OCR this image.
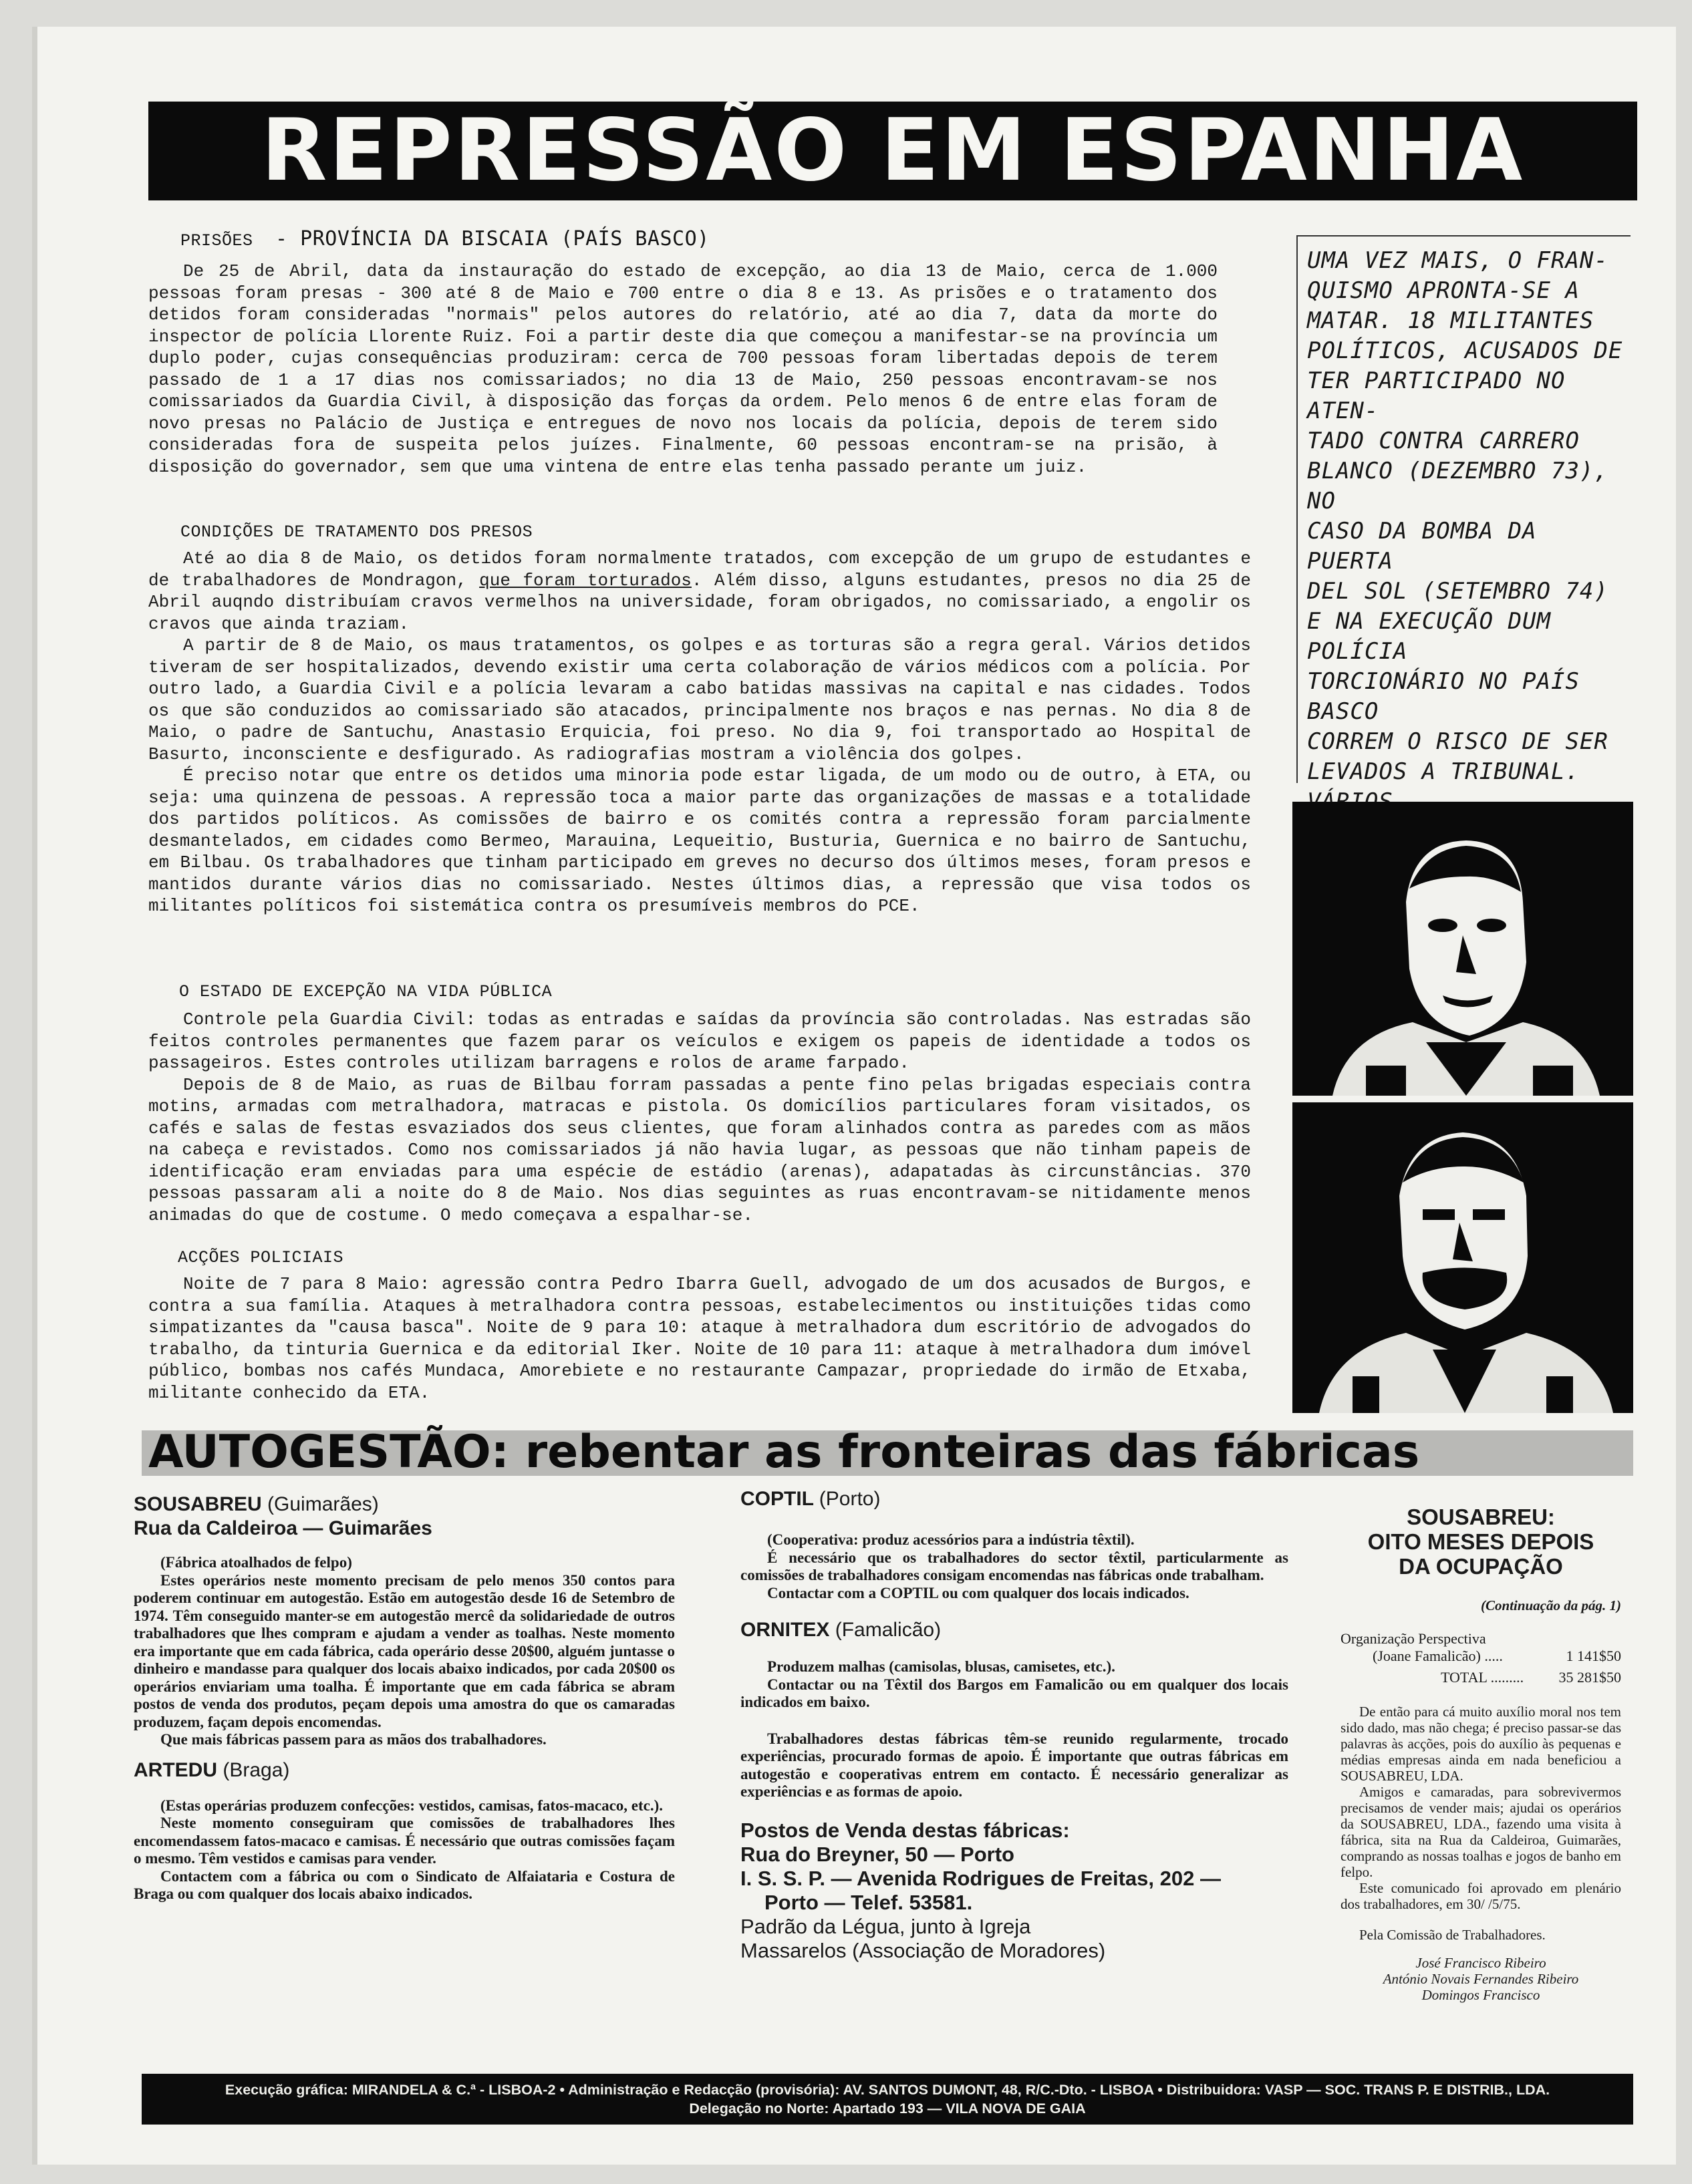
REPRESSÃO EM ESPANHA
PRISÕES - PROVÍNCIA DA BISCAIA (PAÍS BASCO)

De 25 de Abril, data da instauração do estado de excepção, ao dia 13 de Maio, cerca de 1.000 pessoas foram presas - 300 até 8 de Maio e 700 entre o dia 8 e 13. As prisões e o tratamento dos detidos foram consideradas "normais" pelos autores do relatório, até ao dia 7, data da morte do inspector de polícia Llorente Ruiz. Foi a partir deste dia que começou a manifestar-se na província um duplo poder, cujas consequências produziram: cerca de 700 pessoas foram libertadas depois de terem passado de 1 a 17 dias nos comissariados; no dia 13 de Maio, 250 pessoas encontravam-se nos comissariados da Guardia Civil, à disposição das forças da ordem. Pelo menos 6 de entre elas foram de novo presas no Palácio de Justiça e entregues de novo nos locais da polícia, depois de terem sido consideradas fora de suspeita pelos juízes. Finalmente, 60 pessoas encontram-se na prisão, à disposição do governador, sem que uma vintena de entre elas tenha passado perante um juiz.

CONDIÇÕES DE TRATAMENTO DOS PRESOS

Até ao dia 8 de Maio, os detidos foram normalmente tratados, com excepção de um grupo de estudantes e de trabalhadores de Mondragon, que foram torturados. Além disso, alguns estudantes, presos no dia 25 de Abril auqndo distribuíam cravos vermelhos na universidade, foram obrigados, no comissariado, a engolir os cravos que ainda traziam.

A partir de 8 de Maio, os maus tratamentos, os golpes e as torturas são a regra geral. Vários detidos tiveram de ser hospitalizados, devendo existir uma certa colaboração de vários médicos com a polícia. Por outro lado, a Guardia Civil e a polícia levaram a cabo batidas massivas na capital e nas cidades. Todos os que são conduzidos ao comissariado são atacados, principalmente nos braços e nas pernas. No dia 8 de Maio, o padre de Santuchu, Anastasio Erquicia, foi preso. No dia 9, foi transportado ao Hospital de Basurto, inconsciente e desfigurado. As radiografias mostram a violência dos golpes.

É preciso notar que entre os detidos uma minoria pode estar ligada, de um modo ou de outro, à ETA, ou seja: uma quinzena de pessoas. A repressão toca a maior parte das organizações de massas e a totalidade dos partidos políticos. As comissões de bairro e os comités contra a repressão foram parcialmente desmantelados, em cidades como Bermeo, Marauina, Lequeitio, Busturia, Guernica e no bairro de Santuchu, em Bilbau. Os trabalhadores que tinham participado em greves no decurso dos últimos meses, foram presos e mantidos durante vários dias no comissariado. Nestes últimos dias, a repressão que visa todos os militantes políticos foi sistemática contra os presumíveis membros do PCE.

O ESTADO DE EXCEPÇÃO NA VIDA PÚBLICA

Controle pela Guardia Civil: todas as entradas e saídas da província são controladas. Nas estradas são feitos controles permanentes que fazem parar os veículos e exigem os papeis de identidade a todos os passageiros. Estes controles utilizam barragens e rolos de arame farpado.

Depois de 8 de Maio, as ruas de Bilbau forram passadas a pente fino pelas brigadas especiais contra motins, armadas com metralhadora, matracas e pistola. Os domicílios particulares foram visitados, os cafés e salas de festas esvaziados dos seus clientes, que foram alinhados contra as paredes com as mãos na cabeça e revistados. Como nos comissariados já não havia lugar, as pessoas que não tinham papeis de identificação eram enviadas para uma espécie de estádio (arenas), adapatadas às circunstâncias. 370 pessoas passaram ali a noite do 8 de Maio. Nos dias seguintes as ruas encontravam-se nitidamente menos animadas do que de costume. O medo começava a espalhar-se.

ACÇÕES POLICIAIS

Noite de 7 para 8 Maio: agressão contra Pedro Ibarra Guell, advogado de um dos acusados de Burgos, e contra a sua família. Ataques à metralhadora contra pessoas, estabelecimentos ou instituições tidas como simpatizantes da "causa basca". Noite de 9 para 10: ataque à metralhadora dum escritório de advogados do trabalho, da tinturia Guernica e da editorial Iker. Noite de 10 para 11: ataque à metralhadora dum imóvel público, bombas nos cafés Mundaca, Amorebiete e no restaurante Campazar, propriedade do irmão de Etxaba, militante conhecido da ETA.

UMA VEZ MAIS, O FRAN-
QUISMO APRONTA-SE A
MATAR. 18 MILITANTES
POLÍTICOS, ACUSADOS DE
TER PARTICIPADO NO ATEN-
TADO CONTRA CARRERO
BLANCO (DEZEMBRO 73), NO
CASO DA BOMBA DA PUERTA
DEL SOL (SETEMBRO 74)
E NA EXECUÇÃO DUM POLÍCIA
TORCIONÁRIO NO PAÍS BASCO
CORREM O RISCO DE SER
LEVADOS A TRIBUNAL.
AUTOGESTÃO: rebentar as fronteiras das fábricas
SOUSABREU (Guimarães)
Rua da Caldeiroa — Guimarães

(Fábrica atoalhados de felpo)

Estes operários neste momento precisam de pelo menos 350 contos para poderem continuar em autogestão. Estão em autogestão desde 16 de Setembro de 1974. Têm conseguido manter-se em autogestão mercê da solidariedade de outros trabalhadores que lhes compram e ajudam a vender as toalhas. Neste momento era importante que em cada fábrica, cada operário desse 20$00, alguém juntasse o dinheiro e mandasse para qualquer dos locais abaixo indicados, por cada 20$00 os operários enviariam uma toalha. É importante que em cada fábrica se abram postos de venda dos produtos, peçam depois uma amostra do que os camaradas produzem, façam depois encomendas.

Que mais fábricas passem para as mãos dos trabalhadores.

ARTEDU (Braga)

(Estas operárias produzem confecções: vestidos, camisas, fatos-macaco, etc.).

Neste momento conseguiram que comissões de trabalhadores lhes encomendassem fatos-macaco e camisas. É necessário que outras comissões façam o mesmo. Têm vestidos e camisas para vender.

Contactem com a fábrica ou com o Sindicato de Alfaiataria e Costura de Braga ou com qualquer dos locais abaixo indicados.

COPTIL (Porto)

(Cooperativa: produz acessórios para a indústria têxtil).

É necessário que os trabalhadores do sector têxtil, particularmente as comissões de trabalhadores consigam encomendas nas fábricas onde trabalham.

Contactar com a COPTIL ou com qualquer dos locais indicados.

ORNITEX (Famalicão)

Produzem malhas (camisolas, blusas, camisetes, etc.).

Contactar ou na Têxtil dos Bargos em Famalicão ou em qualquer dos locais indicados em baixo.

Trabalhadores destas fábricas têm-se reunido regularmente, trocado experiências, procurado formas de apoio. É importante que outras fábricas em autogestão e cooperativas entrem em contacto. É necessário generalizar as experiências e as formas de apoio.

Postos de Venda destas fábricas:
Rua do Breyner, 50 — Porto
I. S. S. P. — Avenida Rodrigues de Freitas, 202 —
Porto — Telef. 53581.
Padrão da Légua, junto à Igreja
Massarelos (Associação de Moradores)
SOUSABREU:
OITO MESES DEPOIS
DA OCUPAÇÃO
(Continuação da pág. 1)
Organização Perspectiva
(Joane Famalicão) .....	1 141$50
TOTAL ......... 35 281$50

De então para cá muito auxílio moral nos tem sido dado, mas não chega; é preciso passar-se das palavras às acções, pois do auxílio às pequenas e médias empresas ainda em nada beneficiou a SOUSABREU, LDA.

Amigos e camaradas, para sobrevivermos precisamos de vender mais; ajudai os operários da SOUSABREU, LDA., fazendo uma visita à fábrica, sita na Rua da Caldeiroa, Guimarães, comprando as nossas toalhas e jogos de banho em felpo.

Este comunicado foi aprovado em plenário dos trabalhadores, em 30/ /5/75.

Pela Comissão de Trabalhadores.

José Francisco Ribeiro
António Novais Fernandes Ribeiro
Domingos Francisco
Execução gráfica: MIRANDELA & C.ª - LISBOA-2 • Administração e Redacção (provisória): AV. SANTOS DUMONT, 48, R/C.-Dto. - LISBOA • Distribuidora: VASP — SOC. TRANS P. E DISTRIB., LDA.
Delegação no Norte: Apartado 193 — VILA NOVA DE GAIA
